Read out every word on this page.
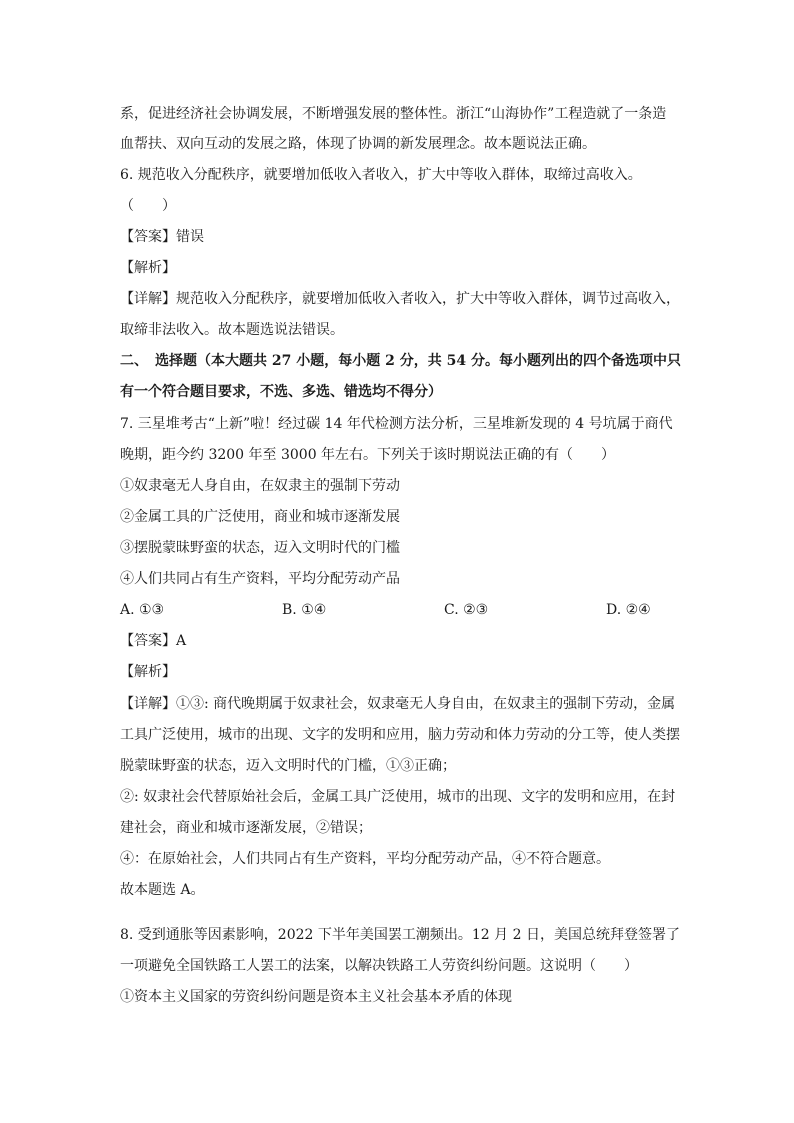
系，促进经济社会协调发展，不断增强发展的整体性。浙江“山海协作”工程造就了一条造
血帮扶、双向互动的发展之路，体现了协调的新发展理念。故本题说法正确。
6. 规范收入分配秩序，就要增加低收入者收入，扩大中等收入群体，取缔过高收入。
（　　）
【答案】错误
【解析】
【详解】规范收入分配秩序，就要增加低收入者收入，扩大中等收入群体，调节过高收入，
取缔非法收入。故本题选说法错误。
二、　选择题（本大题共 27 小题，每小题 2 分，共 54 分。每小题列出的四个备选项中只
有一个符合题目要求，不选、多选、错选均不得分）
7. 三星堆考古“上新”啦！经过碳 14 年代检测方法分析，三星堆新发现的 4 号坑属于商代
晚期，距今约 3200 年至 3000 年左右。下列关于该时期说法正确的有（　　）
①奴隶毫无人身自由，在奴隶主的强制下劳动
②金属工具的广泛使用，商业和城市逐渐发展
③摆脱蒙昧野蛮的状态，迈入文明时代的门槛
④人们共同占有生产资料，平均分配劳动产品
A. ①③	B. ①④	C. ②③	D. ②④
【答案】A
【解析】
【详解】①③: 商代晚期属于奴隶社会，奴隶毫无人身自由，在奴隶主的强制下劳动，金属
工具广泛使用，城市的出现、文字的发明和应用，脑力劳动和体力劳动的分工等，使人类摆
脱蒙昧野蛮的状态，迈入文明时代的门槛，①③正确；
②: 奴隶社会代替原始社会后，金属工具广泛使用，城市的出现、文字的发明和应用，在封
建社会，商业和城市逐渐发展，②错误；
④：在原始社会，人们共同占有生产资料，平均分配劳动产品，④不符合题意。
故本题选 A。
8. 受到通胀等因素影响，2022 下半年美国罢工潮频出。12 月 2 日，美国总统拜登签署了
一项避免全国铁路工人罢工的法案，以解决铁路工人劳资纠纷问题。这说明（　　）
①资本主义国家的劳资纠纷问题是资本主义社会基本矛盾的体现
